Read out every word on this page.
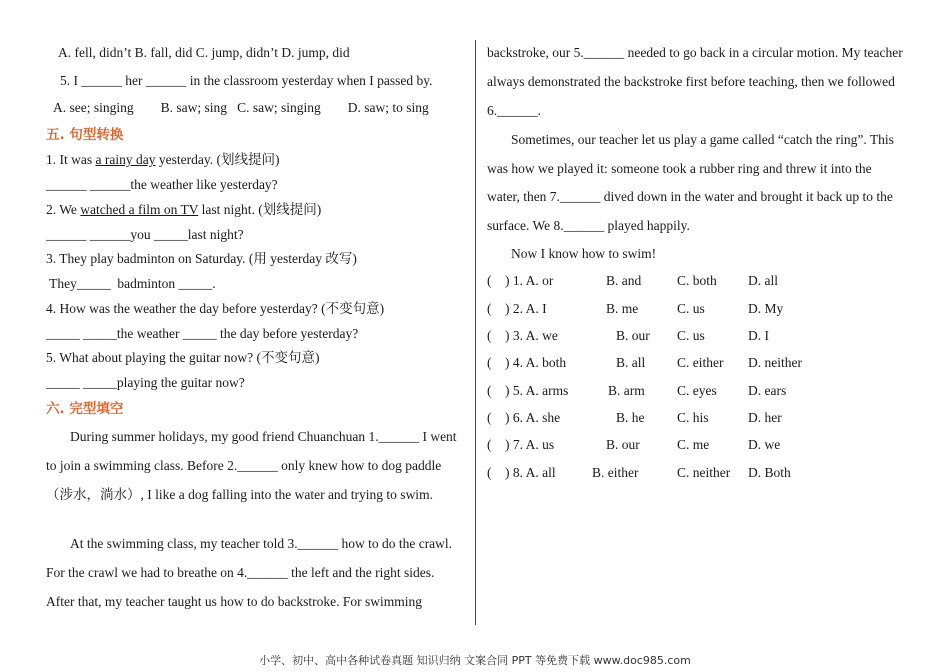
A. fell, didn’t B. fall, did C. jump, didn’t D. jump, did
5. I ______ her ______ in the classroom yesterday when I passed by.
A. see; singing        B. saw; sing   C. saw; singing        D. saw; to sing
五. 句型转换
1. It was a rainy day yesterday. (划线提问)
______ ______the weather like yesterday?
2. We watched a film on TV last night. (划线提问)
______ ______you _____last night?
3. They play badminton on Saturday. (用 yesterday 改写)
They_____  badminton _____.
4. How was the weather the day before yesterday? (不变句意)
_____ _____the weather _____ the day before yesterday?
5. What about playing the guitar now? (不变句意)
_____ _____playing the guitar now?
六. 完型填空
During summer holidays, my good friend Chuanchuan 1.______ I went
to join a swimming class. Before 2.______ only knew how to dog paddle
（涉水，淌水）, I like a dog falling into the water and trying to swim.
At the swimming class, my teacher told 3.______ how to do the crawl.
For the crawl we had to breathe on 4.______ the left and the right sides.
After that, my teacher taught us how to do backstroke. For swimming
backstroke, our 5.______ needed to go back in a circular motion. My teacher
always demonstrated the backstroke first before teaching, then we followed
6.______.
Sometimes, our teacher let us play a game called “catch the ring”. This
was how we played it: someone took a rubber ring and threw it into the
water, then 7.______ dived down in the water and brought it back up to the
surface. We 8.______ played happily.
Now I know how to swim!
( ) 1. A. or	B. and	C. both D. all
( ) 2. A. I	B. me	C. us	D. My
( ) 3. A. we	B. our C. us	D. I
( ) 4. A. both	B. all C. either D. neither
( ) 5. A. arms	B. arm C. eyes D. ears
( ) 6. A. she	B. he C. his	D. her
( ) 7. A. us	B. our	C. me	D. we
( ) 8. A. all	B. either	C. neither D. Both
小学、初中、高中各种试卷真题 知识归纳 文案合同 PPT 等免费下载 www.doc985.com
